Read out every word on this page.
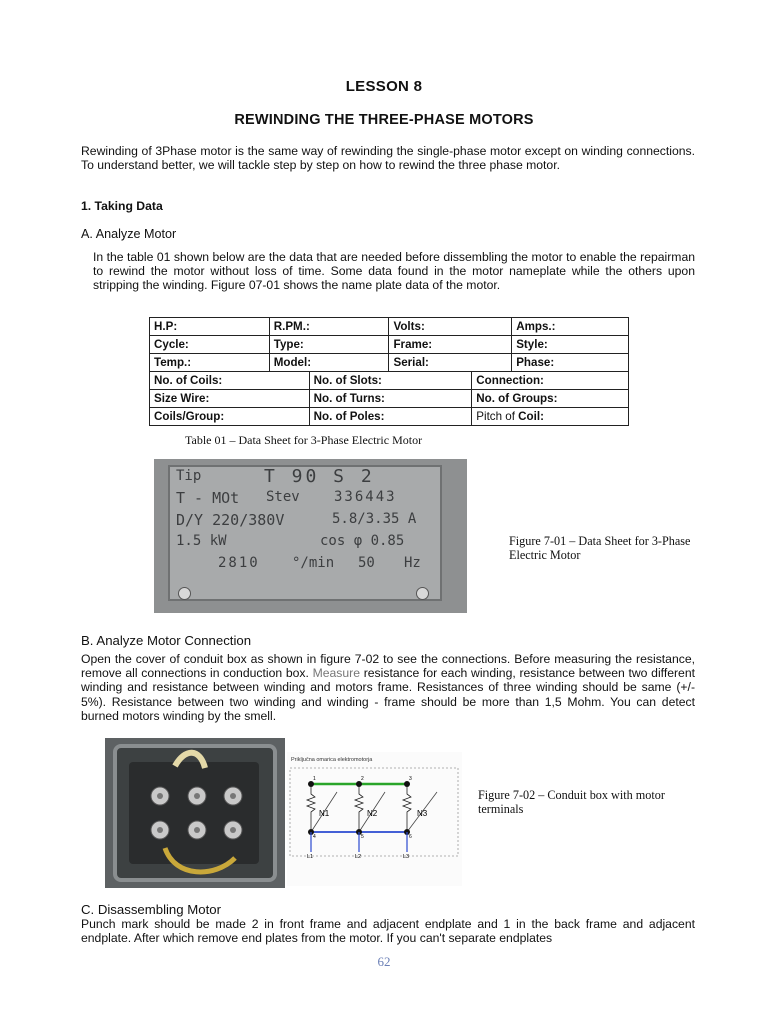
LESSON 8
REWINDING THE THREE-PHASE MOTORS
Rewinding of 3Phase motor is the same way of rewinding the single-phase motor except on winding connections. To understand better, we will tackle step by step on how to rewind the three phase motor.
1. Taking Data
A. Analyze Motor
In the table 01 shown below are the data that are needed before dissembling the motor to enable the repairman to rewind the motor without loss of time. Some data found in the motor nameplate while the others upon stripping the winding. Figure 07-01 shows the name plate data of the motor.
H.P:	R.PM.:	Volts:	Amps.:
Cycle:	Type:	Frame:	Style:
Temp.:	Model:	Serial:	Phase:
No. of Coils:	No. of Slots:	Connection:
Size Wire:	No. of Turns:	No. of Groups:
Coils/Group:	No. of Poles:	Pitch of Coil:
Table 01 – Data Sheet for 3-Phase Electric Motor
Tip	T 90 S 2
T - MOt Stev 336443
D/Y 220/380V	5.8/3.35 A
1.5 kW	cos φ 0.85
2810 °/min 50 Hz
Figure 7-01 – Data Sheet for 3-Phase Electric Motor
B. Analyze Motor Connection
Open the cover of conduit box as shown in figure 7-02 to see the connections. Before measuring the resistance, remove all connections in conduction box. Measure resistance for each winding, resistance between two different winding and resistance between winding and motors frame. Resistances of three winding should be same (+/- 5%). Resistance between two winding and winding - frame should be more than 1,5 Mohm. You can detect burned motors winding by the smell.
Priključna omarica elektromotorja
1	2	3
4	5	6
N1	N2	N3
L1	L2	L3
Figure 7-02 – Conduit box with motor terminals
C. Disassembling Motor
Punch mark should be made 2 in front frame and adjacent endplate and 1 in the back frame and adjacent endplate. After which remove end plates from the motor. If you can't separate endplates
62
